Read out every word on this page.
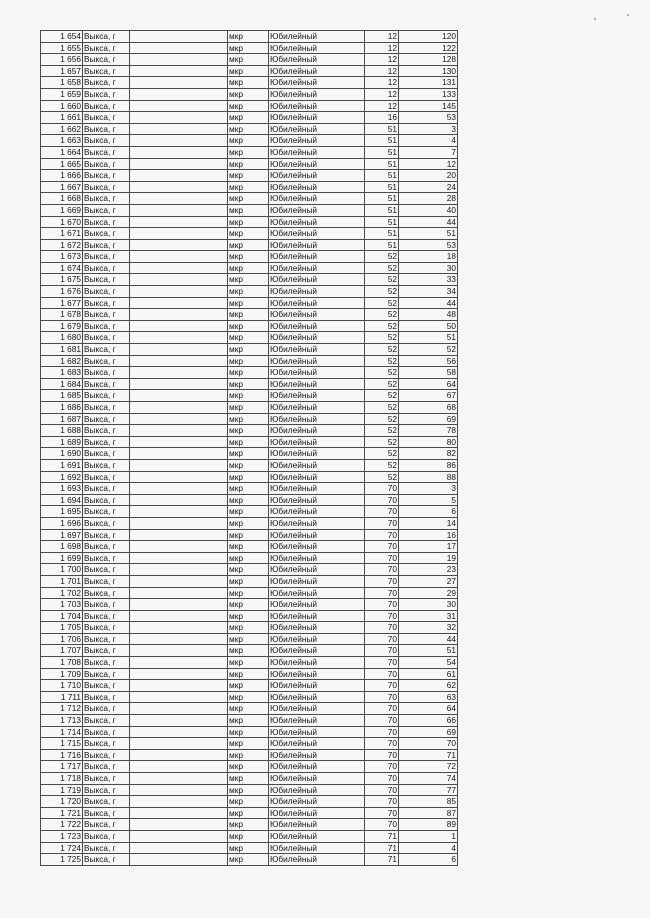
1 654	Выкса, г		мкр	Юбилейный	12	120
1 655	Выкса, г		мкр	Юбилейный	12	122
1 656	Выкса, г		мкр	Юбилейный	12	128
1 657	Выкса, г		мкр	Юбилейный	12	130
1 658	Выкса, г		мкр	Юбилейный	12	131
1 659	Выкса, г		мкр	Юбилейный	12	133
1 660	Выкса, г		мкр	Юбилейный	12	145
1 661	Выкса, г		мкр	Юбилейный	16	53
1 662	Выкса, г		мкр	Юбилейный	51	3
1 663	Выкса, г		мкр	Юбилейный	51	4
1 664	Выкса, г		мкр	Юбилейный	51	7
1 665	Выкса, г		мкр	Юбилейный	51	12
1 666	Выкса, г		мкр	Юбилейный	51	20
1 667	Выкса, г		мкр	Юбилейный	51	24
1 668	Выкса, г		мкр	Юбилейный	51	28
1 669	Выкса, г		мкр	Юбилейный	51	40
1 670	Выкса, г		мкр	Юбилейный	51	44
1 671	Выкса, г		мкр	Юбилейный	51	51
1 672	Выкса, г		мкр	Юбилейный	51	53
1 673	Выкса, г		мкр	Юбилейный	52	18
1 674	Выкса, г		мкр	Юбилейный	52	30
1 675	Выкса, г		мкр	Юбилейный	52	33
1 676	Выкса, г		мкр	Юбилейный	52	34
1 677	Выкса, г		мкр	Юбилейный	52	44
1 678	Выкса, г		мкр	Юбилейный	52	48
1 679	Выкса, г		мкр	Юбилейный	52	50
1 680	Выкса, г		мкр	Юбилейный	52	51
1 681	Выкса, г		мкр	Юбилейный	52	52
1 682	Выкса, г		мкр	Юбилейный	52	56
1 683	Выкса, г		мкр	Юбилейный	52	58
1 684	Выкса, г		мкр	Юбилейный	52	64
1 685	Выкса, г		мкр	Юбилейный	52	67
1 686	Выкса, г		мкр	Юбилейный	52	68
1 687	Выкса, г		мкр	Юбилейный	52	69
1 688	Выкса, г		мкр	Юбилейный	52	78
1 689	Выкса, г		мкр	Юбилейный	52	80
1 690	Выкса, г		мкр	Юбилейный	52	82
1 691	Выкса, г		мкр	Юбилейный	52	86
1 692	Выкса, г		мкр	Юбилейный	52	88
1 693	Выкса, г		мкр	Юбилейный	70	3
1 694	Выкса, г		мкр	Юбилейный	70	5
1 695	Выкса, г		мкр	Юбилейный	70	6
1 696	Выкса, г		мкр	Юбилейный	70	14
1 697	Выкса, г		мкр	Юбилейный	70	16
1 698	Выкса, г		мкр	Юбилейный	70	17
1 699	Выкса, г		мкр	Юбилейный	70	19
1 700	Выкса, г		мкр	Юбилейный	70	23
1 701	Выкса, г		мкр	Юбилейный	70	27
1 702	Выкса, г		мкр	Юбилейный	70	29
1 703	Выкса, г		мкр	Юбилейный	70	30
1 704	Выкса, г		мкр	Юбилейный	70	31
1 705	Выкса, г		мкр	Юбилейный	70	32
1 706	Выкса, г		мкр	Юбилейный	70	44
1 707	Выкса, г		мкр	Юбилейный	70	51
1 708	Выкса, г		мкр	Юбилейный	70	54
1 709	Выкса, г		мкр	Юбилейный	70	61
1 710	Выкса, г		мкр	Юбилейный	70	62
1 711	Выкса, г		мкр	Юбилейный	70	63
1 712	Выкса, г		мкр	Юбилейный	70	64
1 713	Выкса, г		мкр	Юбилейный	70	66
1 714	Выкса, г		мкр	Юбилейный	70	69
1 715	Выкса, г		мкр	Юбилейный	70	70
1 716	Выкса, г		мкр	Юбилейный	70	71
1 717	Выкса, г		мкр	Юбилейный	70	72
1 718	Выкса, г		мкр	Юбилейный	70	74
1 719	Выкса, г		мкр	Юбилейный	70	77
1 720	Выкса, г		мкр	Юбилейный	70	85
1 721	Выкса, г		мкр	Юбилейный	70	87
1 722	Выкса, г		мкр	Юбилейный	70	89
1 723	Выкса, г		мкр	Юбилейный	71	1
1 724	Выкса, г		мкр	Юбилейный	71	4
1 725	Выкса, г		мкр	Юбилейный	71	6
